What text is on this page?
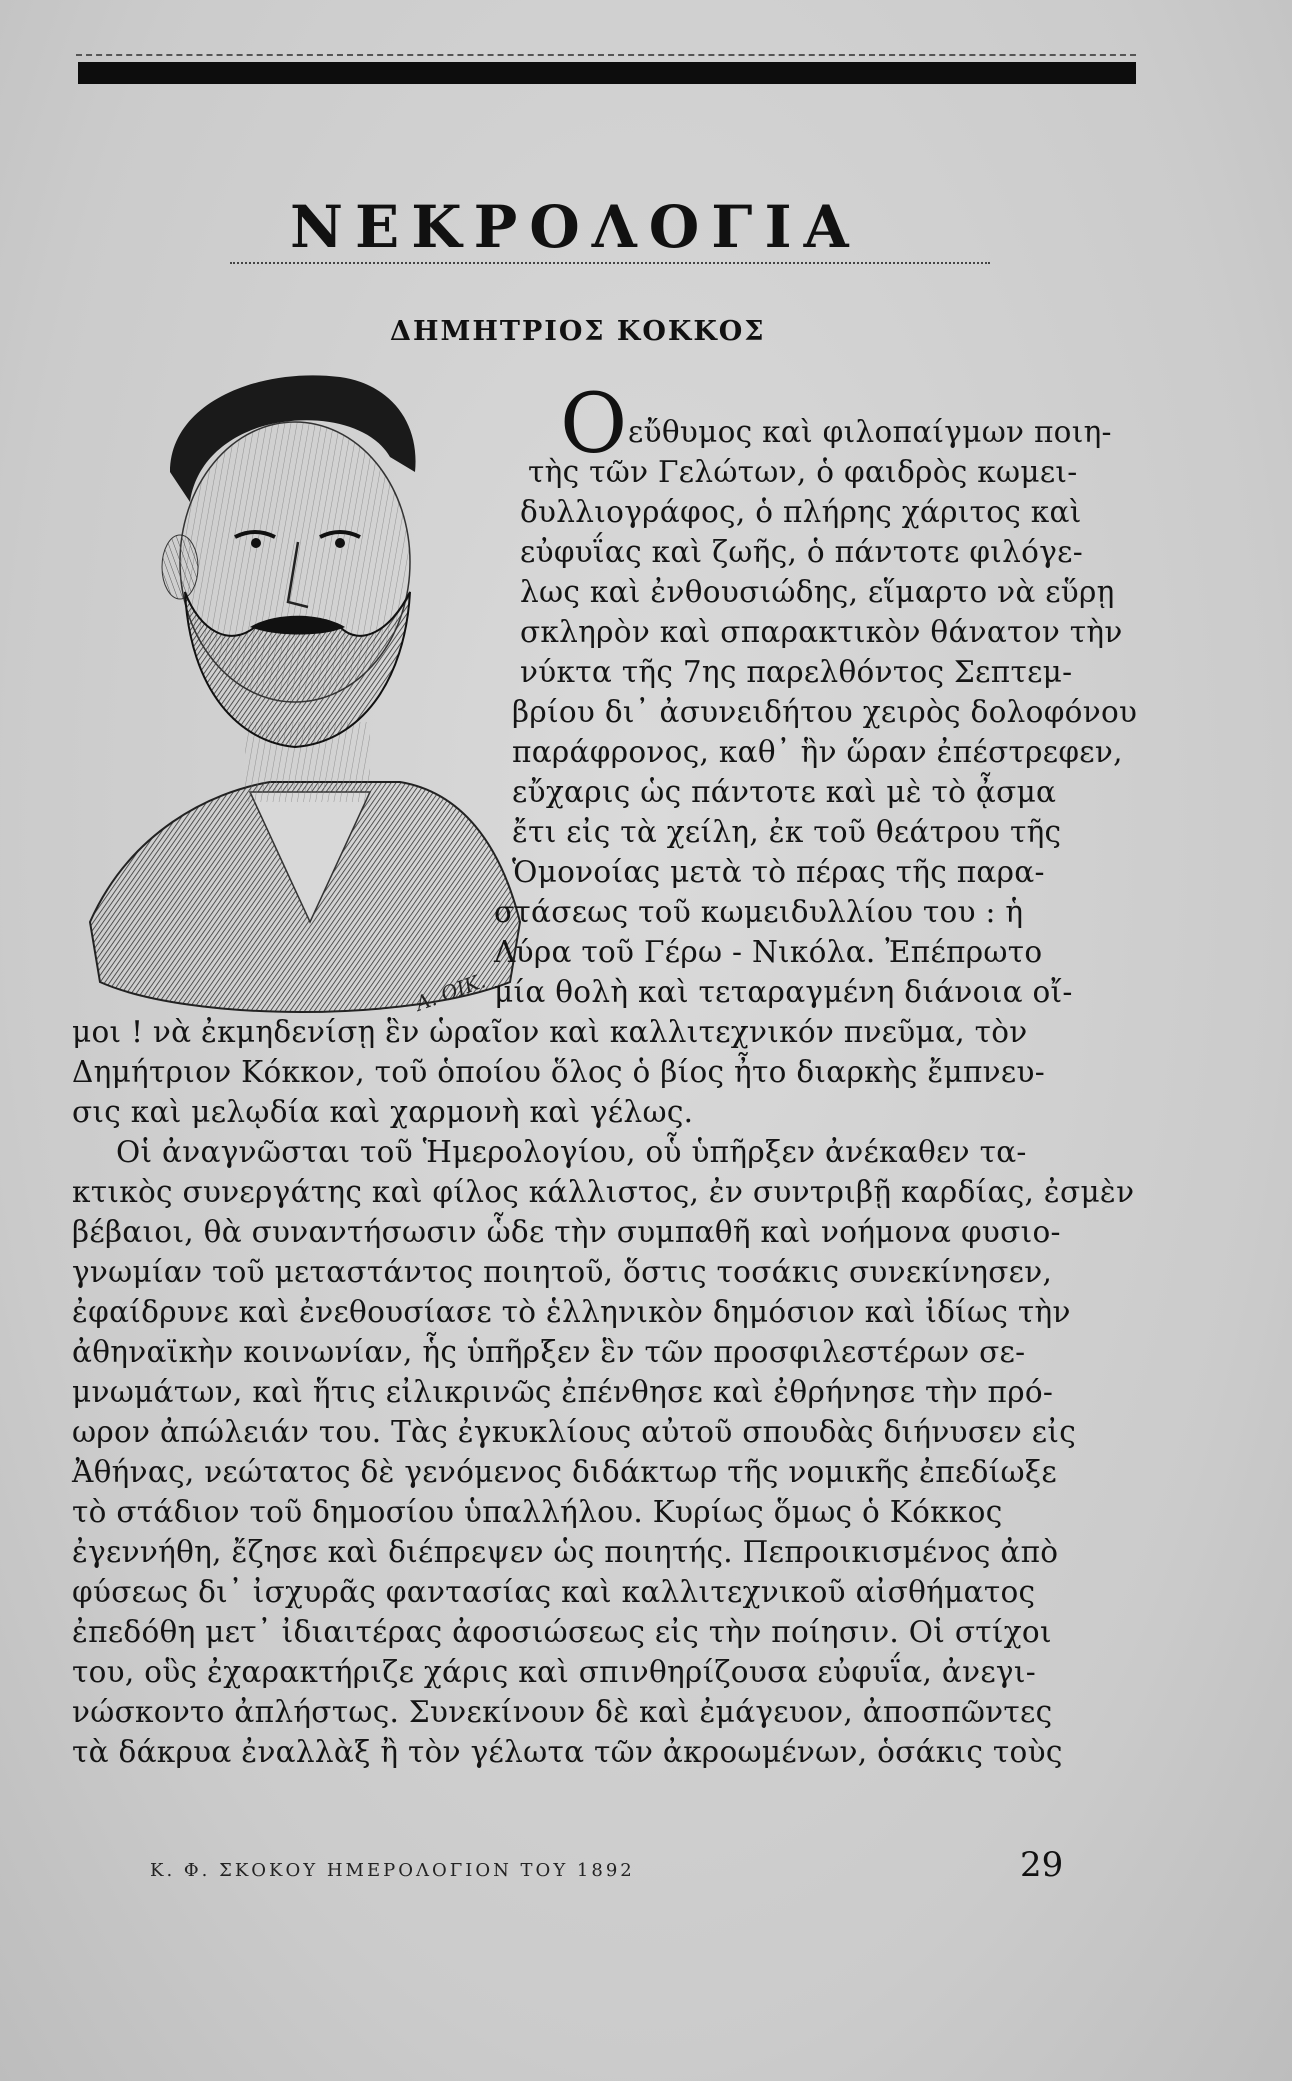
ΝΕΚΡΟΛΟΓΙΑ
ΔΗΜΗΤΡΙΟΣ ΚΟΚΚΟΣ
Α. ΟΙΚ.
Ο εὔθυμος καὶ φιλοπαίγμων ποιη-
τὴς τῶν Γελώτων, ὁ φαιδρὸς κωμει-
δυλλιογράφος, ὁ πλήρης χάριτος καὶ
εὐφυΐας καὶ ζωῆς, ὁ πάντοτε φιλόγε-
λως καὶ ἐνθουσιώδης, εἵμαρτο νὰ εὕρῃ
σκληρὸν καὶ σπαρακτικὸν θάνατον τὴν
νύκτα τῆς 7ης παρελθόντος Σεπτεμ-
βρίου δι᾽ ἀσυνειδήτου χειρὸς δολοφόνου
παράφρονος, καθ᾽ ἣν ὥραν ἐπέστρεφεν,
εὔχαρις ὡς πάντοτε καὶ μὲ τὸ ᾆσμα
ἔτι εἰς τὰ χείλη, ἐκ τοῦ θεάτρου τῆς
Ὁμονοίας μετὰ τὸ πέρας τῆς παρα-
στάσεως τοῦ κωμειδυλλίου του : ἡ
Λύρα τοῦ Γέρω - Νικόλα. Ἐπέπρωτο
μία θολὴ καὶ τεταραγμένη διάνοια οἴ-
μοι ! νὰ ἐκμηδενίσῃ ἓν ὡραῖον καὶ καλλιτεχνικόν πνεῦμα, τὸν
Δημήτριον Κόκκον, τοῦ ὁποίου ὅλος ὁ βίος ἦτο διαρκὴς ἔμπνευ-
σις καὶ μελῳδία καὶ χαρμονὴ καὶ γέλως.
Οἱ ἀναγνῶσται τοῦ Ἡμερολογίου, οὗ ὑπῆρξεν ἀνέκαθεν τα-
κτικὸς συνεργάτης καὶ φίλος κάλλιστος, ἐν συντριβῇ καρδίας, ἐσμὲν
βέβαιοι, θὰ συναντήσωσιν ὧδε τὴν συμπαθῆ καὶ νοήμονα φυσιο-
γνωμίαν τοῦ μεταστάντος ποιητοῦ, ὅστις τοσάκις συνεκίνησεν,
ἐφαίδρυνε καὶ ἐνεθουσίασε τὸ ἑλληνικὸν δημόσιον καὶ ἰδίως τὴν
ἀθηναϊκὴν κοινωνίαν, ἧς ὑπῆρξεν ἓν τῶν προσφιλεστέρων σε-
μνωμάτων, καὶ ἥτις εἰλικρινῶς ἐπένθησε καὶ ἐθρήνησε τὴν πρό-
ωρον ἀπώλειάν του. Τὰς ἐγκυκλίους αὐτοῦ σπουδὰς διήνυσεν εἰς
Ἀθήνας, νεώτατος δὲ γενόμενος διδάκτωρ τῆς νομικῆς ἐπεδίωξε
τὸ στάδιον τοῦ δημοσίου ὑπαλλήλου. Κυρίως ὅμως ὁ Κόκκος
ἐγεννήθη, ἔζησε καὶ διέπρεψεν ὡς ποιητής. Πεπροικισμένος ἀπὸ
φύσεως δι᾽ ἰσχυρᾶς φαντασίας καὶ καλλιτεχνικοῦ αἰσθήματος
ἐπεδόθη μετ᾽ ἰδιαιτέρας ἀφοσιώσεως εἰς τὴν ποίησιν. Οἱ στίχοι
του, οὓς ἐχαρακτήριζε χάρις καὶ σπινθηρίζουσα εὐφυΐα, ἀνεγι-
νώσκοντο ἀπλήστως. Συνεκίνουν δὲ καὶ ἐμάγευον, ἀποσπῶντες
τὰ δάκρυα ἐναλλὰξ ἢ τὸν γέλωτα τῶν ἀκροωμένων, ὁσάκις τοὺς
Κ. Φ. ΣΚΟΚΟΥ ΗΜΕΡΟΛΟΓΙΟΝ ΤΟΥ 1892	29
